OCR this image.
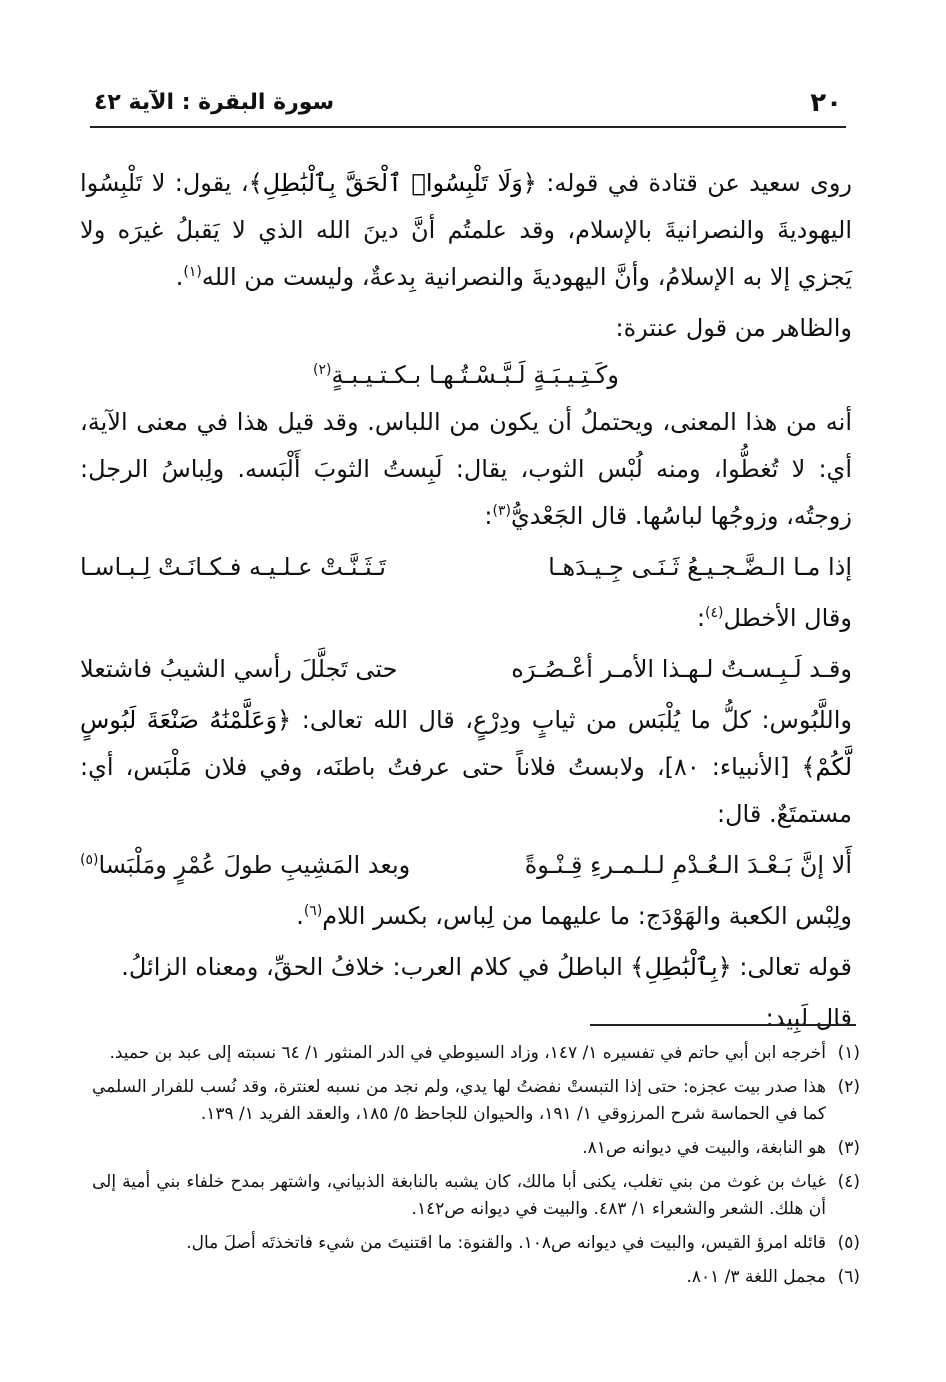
٢٠
سورة البقرة : الآية ٤٢

روى سعيد عن قتادة في قوله: ﴿وَلَا تَلْبِسُوا۟ ٱلْحَقَّ بِٱلْبَٰطِلِ﴾، يقول: لا تَلْبِسُوا اليهوديةَ والنصرانيةَ بالإسلام، وقد علمتُم أنَّ دينَ الله الذي لا يَقبلُ غيرَه ولا يَجزي إلا به الإسلامُ، وأنَّ اليهوديةَ والنصرانية بِدعةٌ، وليست من الله$^{(١)}$.

والظاهر من قول عنترة:

وكَـتِـيـبَـةٍ لَـبَّـسْـتُـهـا بـكـتـيـبـةٍ$^{(٢)}$

أنه من هذا المعنى، ويحتملُ أن يكون من اللباس. وقد قيل هذا في معنى الآية، أي: لا تُغطُّوا، ومنه لُبْس الثوب، يقال: لَبِستُ الثوبَ أَلْبَسه. ولِباسُ الرجل: زوجتُه، وزوجُها لباسُها. قال الجَعْديُّ$^{(٣)}$:

إذا مـا الـضَّـجـيـعُ ثَـنَـى جِـيـدَهـا
تَـثَـنَّـتْ عـلـيـه فـكـانَـتْ لِـبـاسـا

وقال الأخطل$^{(٤)}$:

وقـد لَـبِـسـتُ لـهـذا الأمـر أعْـصُـرَه
حتى تَجلَّلَ رأسي الشيبُ فاشتعلا

واللَّبُوس: كلُّ ما يُلْبَس من ثيابٍ ودِرْعٍ، قال الله تعالى: ﴿وَعَلَّمْنَٰهُ صَنْعَةَ لَبُوسٍ لَّكُمْ﴾ [الأنبياء: ٨٠]، ولابستُ فلاناً حتى عرفتُ باطنَه، وفي فلان مَلْبَس، أي: مستمتَعٌ. قال:

أَلا إنَّ بَـعْـدَ الـعُـدْمِ لـلـمـرءِ قِـنْـوةً
وبعد المَشِيبِ طولَ عُمْرٍ ومَلْبَسا$^{(٥)}$

ولِبْس الكعبة والهَوْدَج: ما عليهما من لِباس، بكسر اللام$^{(٦)}$.

قوله تعالى: ﴿بِٱلْبَٰطِلِ﴾ الباطلُ في كلام العرب: خلافُ الحقِّ، ومعناه الزائلُ.

قال لَبِيد:

(١)
أخرجه ابن أبي حاتم في تفسيره ١/ ١٤٧، وزاد السيوطي في الدر المنثور ١/ ٦٤ نسبته إلى عبد بن حميد.
(٢)
هذا صدر بيت عجزه: حتى إذا التبستْ نفضتُ لها يدي، ولم نجد من نسبه لعنترة، وقد نُسب للفرار السلمي كما في الحماسة شرح المرزوقي ١/ ١٩١، والحيوان للجاحظ ٥/ ١٨٥، والعقد الفريد ١/ ١٣٩.
(٣)
هو النابغة، والبيت في ديوانه ص٨١.
(٤)
غياث بن غوث من بني تغلب، يكنى أبا مالك، كان يشبه بالنابغة الذبياني، واشتهر بمدح خلفاء بني أمية إلى أن هلك. الشعر والشعراء ١/ ٤٨٣. والبيت في ديوانه ص١٤٢.
(٥)
قائله امرؤ القيس، والبيت في ديوانه ص١٠٨. والقنوة: ما اقتنيتَ من شيء فاتخذتَه أصلَ مال.
(٦)
مجمل اللغة ٣/ ٨٠١.
